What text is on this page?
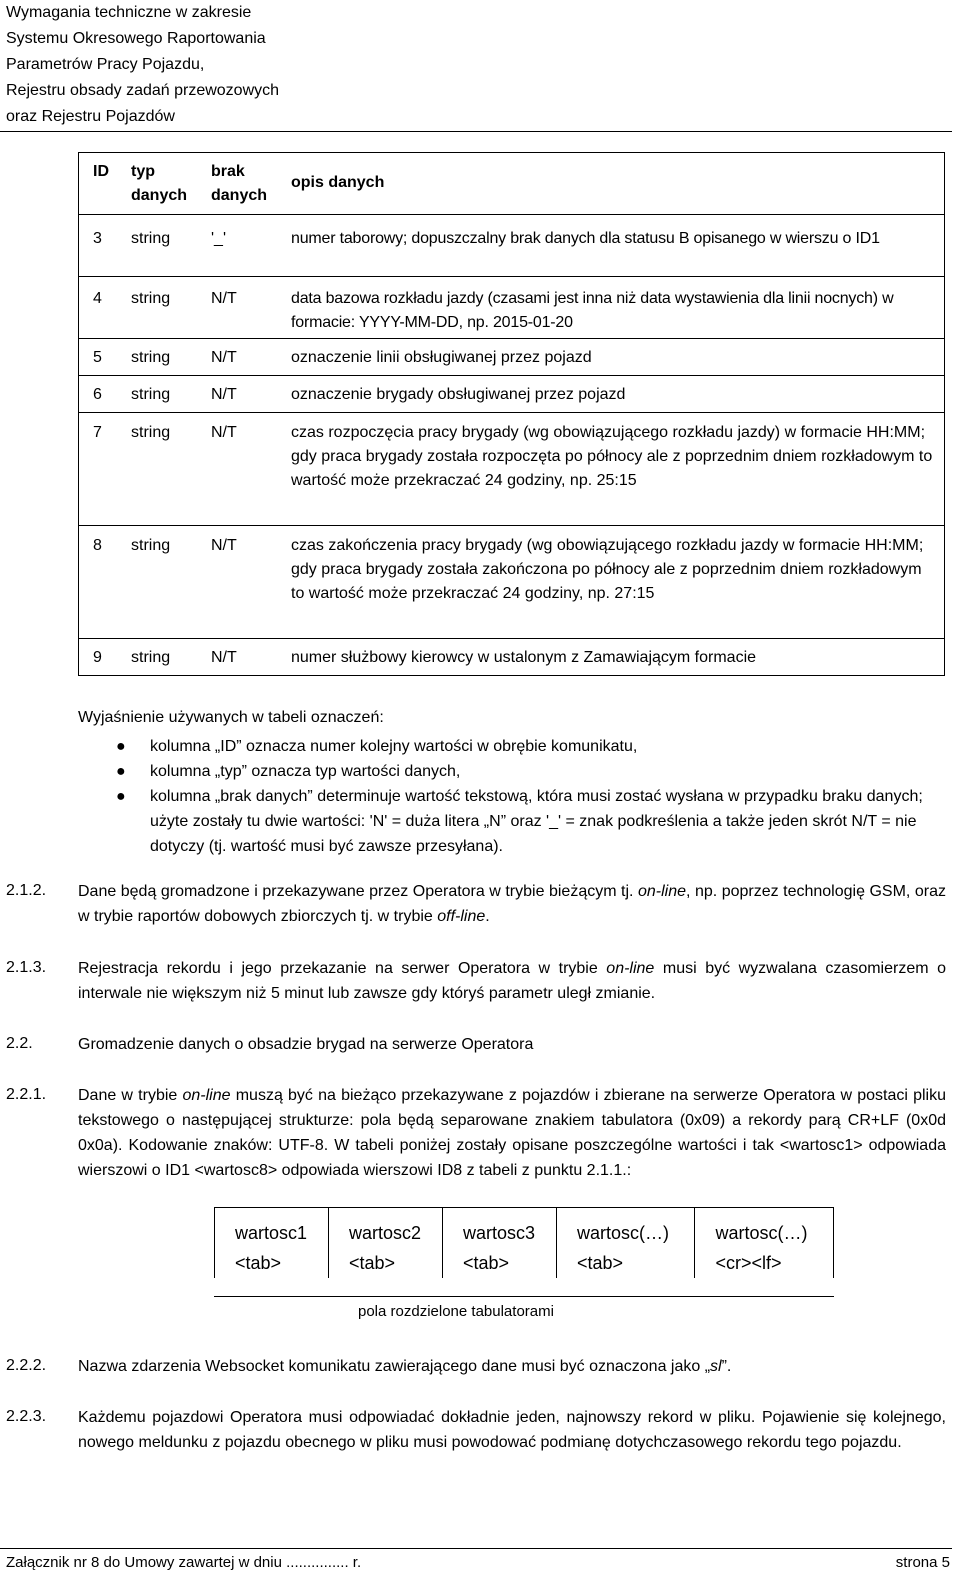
Wymagania techniczne w zakresie
Systemu Okresowego Raportowania
Parametrów Pracy Pojazdu,
Rejestru obsady zadań przewozowych
oraz Rejestru Pojazdów
ID	typ danych	brak danych	opis danych
3	string	'_'	numer taborowy; dopuszczalny brak danych dla statusu B opisanego w wierszu o ID1
4	string	N/T	data bazowa rozkładu jazdy (czasami jest inna niż data wystawienia dla linii nocnych) w formacie: YYYY-MM-DD, np. 2015-01-20
5	string	N/T	oznaczenie linii obsługiwanej przez pojazd
6	string	N/T	oznaczenie brygady obsługiwanej przez pojazd
7	string	N/T	czas rozpoczęcia pracy brygady (wg obowiązującego rozkładu jazdy) w formacie HH:MM; gdy praca brygady została rozpoczęta po północy ale z poprzednim dniem rozkładowym to wartość może przekraczać 24 godziny, np. 25:15
8	string	N/T	czas zakończenia pracy brygady (wg obowiązującego rozkładu jazdy w formacie HH:MM; gdy praca brygady została zakończona po północy ale z poprzednim dniem rozkładowym to wartość może przekraczać 24 godziny, np. 27:15
9	string	N/T	numer służbowy kierowcy w ustalonym z Zamawiającym formacie
Wyjaśnienie używanych w tabeli oznaczeń:
● kolumna „ID” oznacza numer kolejny wartości w obrębie komunikatu,
● kolumna „typ” oznacza typ wartości danych,
● kolumna „brak danych” determinuje wartość tekstową, która musi zostać wysłana w przypadku braku danych; użyte zostały tu dwie wartości: 'N' = duża litera „N” oraz '_' = znak podkreślenia a także jeden skrót N/T = nie dotyczy (tj. wartość musi być zawsze przesyłana).
2.1.2. Dane będą gromadzone i przekazywane przez Operatora w trybie bieżącym tj. on-line, np. poprzez technologię GSM, oraz w trybie raportów dobowych zbiorczych tj. w trybie off-line.
2.1.3. Rejestracja rekordu i jego przekazanie na serwer Operatora w trybie on-line musi być wyzwalana czasomierzem o interwale nie większym niż 5 minut lub zawsze gdy któryś parametr uległ zmianie.
2.2.	Gromadzenie danych o obsadzie brygad na serwerze Operatora
2.2.1. Dane w trybie on-line muszą być na bieżąco przekazywane z pojazdów i zbierane na serwerze Operatora w postaci pliku tekstowego o następującej strukturze: pola będą separowane znakiem tabulatora (0x09) a rekordy parą CR+LF (0x0d 0x0a). Kodowanie znaków: UTF-8. W tabeli poniżej zostały opisane poszczególne wartości i tak <wartosc1> odpowiada wierszowi o ID1 <wartosc8> odpowiada wierszowi ID8 z tabeli z punktu 2.1.1.:
wartosc1
<tab>

wartosc2
<tab>

wartosc3
<tab>

wartosc(…)
<tab>

wartosc(…)
<cr><lf>
pola rozdzielone tabulatorami
2.2.2. Nazwa zdarzenia Websocket komunikatu zawierającego dane musi być oznaczona jako „sl”.
2.2.3. Każdemu pojazdowi Operatora musi odpowiadać dokładnie jeden, najnowszy rekord w pliku. Pojawienie się kolejnego, nowego meldunku z pojazdu obecnego w pliku musi powodować podmianę dotychczasowego rekordu tego pojazdu.
Załącznik nr 8 do Umowy zawartej w dniu ............... r.	strona 5
